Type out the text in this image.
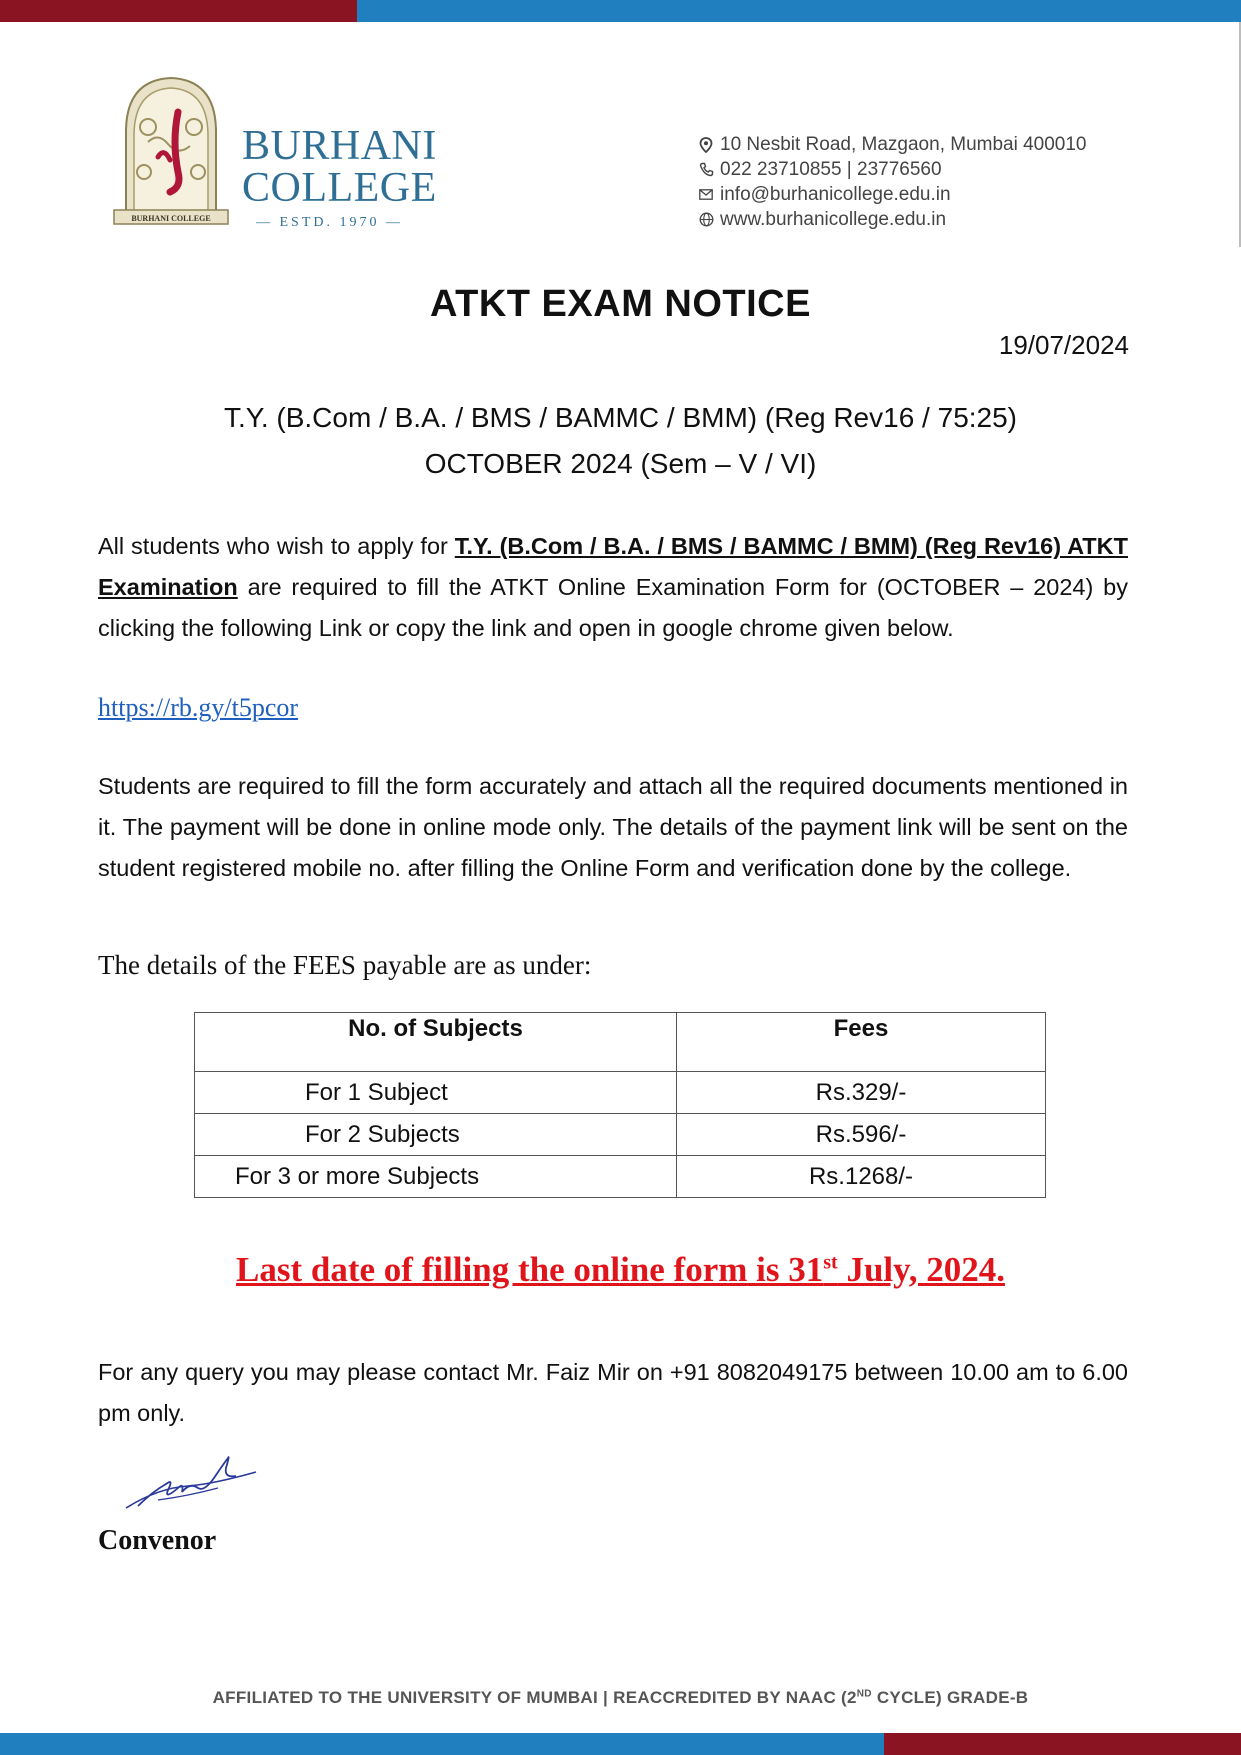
BURHANI COLLEGE
BURHANI
COLLEGE
— ESTD. 1970 —
10 Nesbit Road, Mazgaon, Mumbai 400010
022 23710855 | 23776560
info@burhanicollege.edu.in
www.burhanicollege.edu.in
ATKT EXAM NOTICE
19/07/2024
T.Y. (B.Com / B.A. / BMS / BAMMC / BMM) (Reg Rev16 / 75:25)
OCTOBER 2024 (Sem – V / VI)
All students who wish to apply for T.Y. (B.Com / B.A. / BMS / BAMMC / BMM) (Reg Rev16) ATKT Examination are required to fill the ATKT Online Examination Form for (OCTOBER – 2024) by clicking the following Link or copy the link and open in google chrome given below.
https://rb.gy/t5pcor
Students are required to fill the form accurately and attach all the required documents mentioned in it. The payment will be done in online mode only. The details of the payment link will be sent on the student registered mobile no. after filling the Online Form and verification done by the college.
The details of the FEES payable are as under:
No. of Subjects	Fees
For 1 Subject	Rs.329/-
For 2 Subjects	Rs.596/-
For 3 or more Subjects	Rs.1268/-
Last date of filling the online form is 31st July, 2024.
For any query you may please contact Mr. Faiz Mir on +91 8082049175 between 10.00 am to 6.00 pm only.
Convenor
AFFILIATED TO THE UNIVERSITY OF MUMBAI | REACCREDITED BY NAAC (2ND CYCLE) GRADE-B
